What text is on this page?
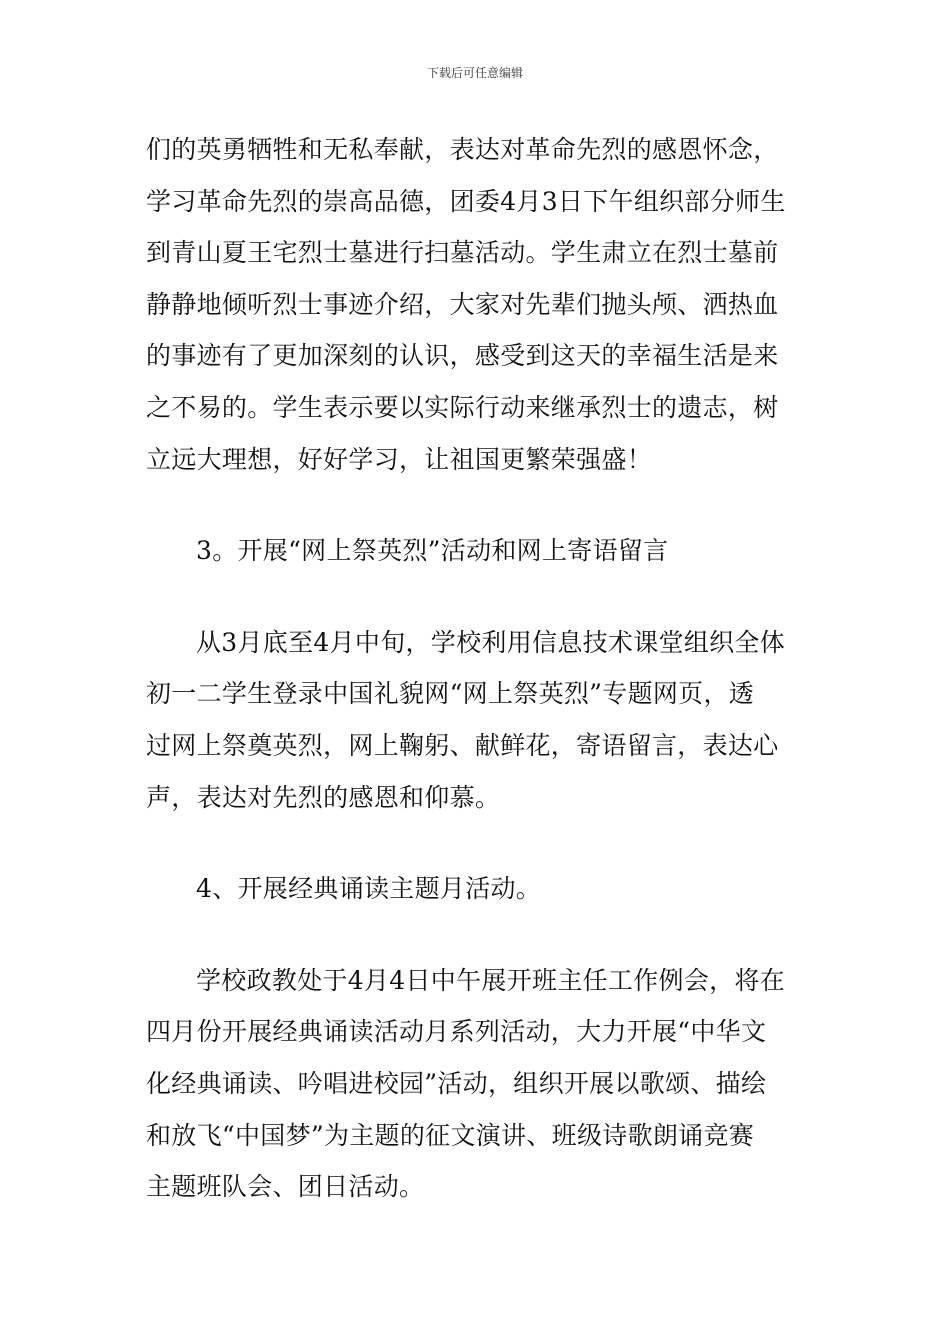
下载后可任意编辑

们的英勇牺牲和无私奉献，表达对革命先烈的感恩怀念，
学习革命先烈的崇高品德，团委4月3日下午组织部分师生
到青山夏王宅烈士墓进行扫墓活动。学生肃立在烈士墓前
静静地倾听烈士事迹介绍，大家对先辈们抛头颅、洒热血
的事迹有了更加深刻的认识，感受到这天的幸福生活是来
之不易的。学生表示要以实际行动来继承烈士的遗志，树
立远大理想，好好学习，让祖国更繁荣强盛！

3。开展“网上祭英烈”活动和网上寄语留言

从3月底至4月中旬，学校利用信息技术课堂组织全体
初一二学生登录中国礼貌网“网上祭英烈”专题网页，透
过网上祭奠英烈，网上鞠躬、献鲜花，寄语留言，表达心
声，表达对先烈的感恩和仰慕。

4、开展经典诵读主题月活动。

学校政教处于4月4日中午展开班主任工作例会，将在
四月份开展经典诵读活动月系列活动，大力开展“中华文
化经典诵读、吟唱进校园”活动，组织开展以歌颂、描绘
和放飞“中国梦”为主题的征文演讲、班级诗歌朗诵竞赛
主题班队会、团日活动。
